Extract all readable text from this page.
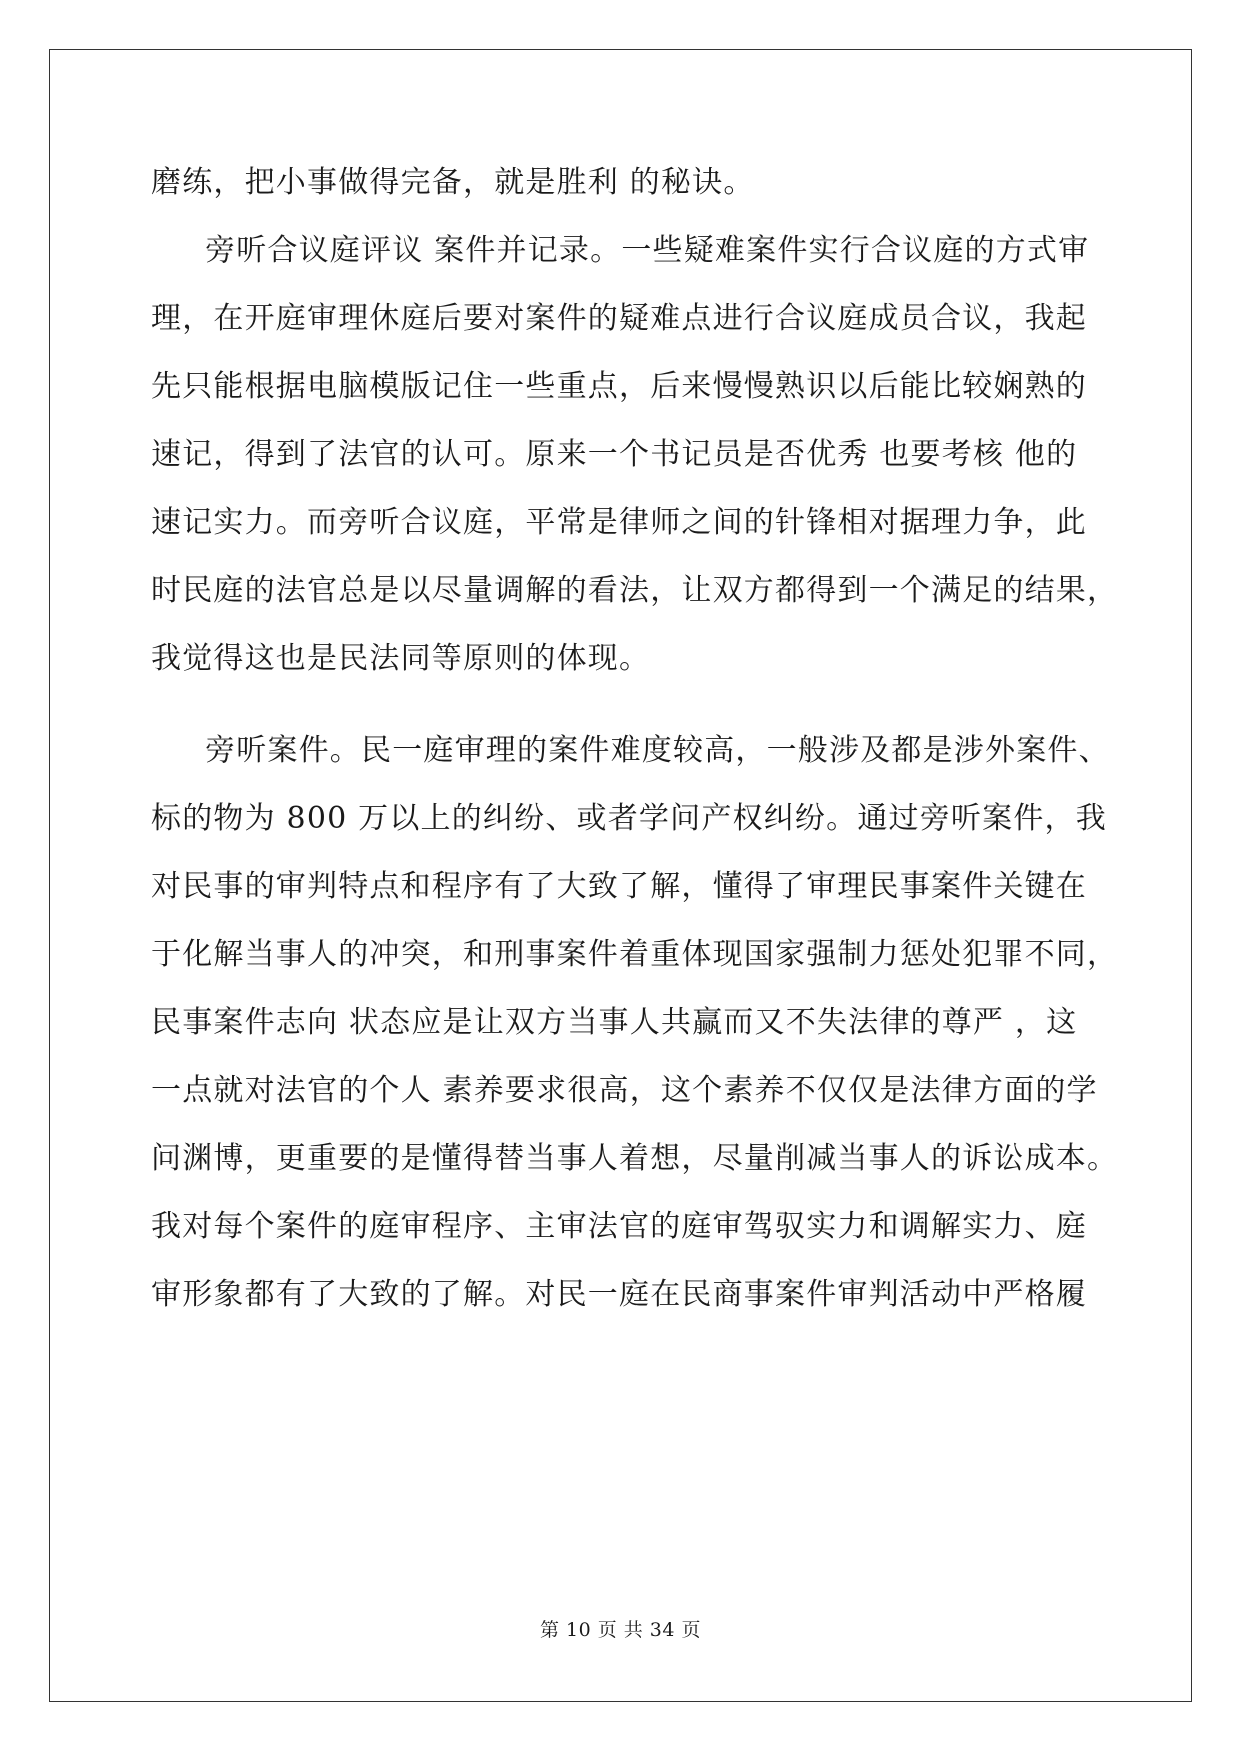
磨练，把小事做得完备，就是胜利 的秘诀。
旁听合议庭评议 案件并记录。一些疑难案件实行合议庭的方式审
理，在开庭审理休庭后要对案件的疑难点进行合议庭成员合议，我起
先只能根据电脑模版记住一些重点，后来慢慢熟识以后能比较娴熟的
速记，得到了法官的认可。原来一个书记员是否优秀 也要考核 他的
速记实力。而旁听合议庭，平常是律师之间的针锋相对据理力争，此
时民庭的法官总是以尽量调解的看法，让双方都得到一个满足的结果，
我觉得这也是民法同等原则的体现。
旁听案件。民一庭审理的案件难度较高，一般涉及都是涉外案件、
标的物为 800 万以上的纠纷、或者学问产权纠纷。通过旁听案件，我
对民事的审判特点和程序有了大致了解，懂得了审理民事案件关键在
于化解当事人的冲突，和刑事案件着重体现国家强制力惩处犯罪不同，
民事案件志向 状态应是让双方当事人共赢而又不失法律的尊严 ，这
一点就对法官的个人 素养要求很高，这个素养不仅仅是法律方面的学
问渊博，更重要的是懂得替当事人着想，尽量削减当事人的诉讼成本。
我对每个案件的庭审程序、主审法官的庭审驾驭实力和调解实力、庭
审形象都有了大致的了解。对民一庭在民商事案件审判活动中严格履
第 10 页 共 34 页
